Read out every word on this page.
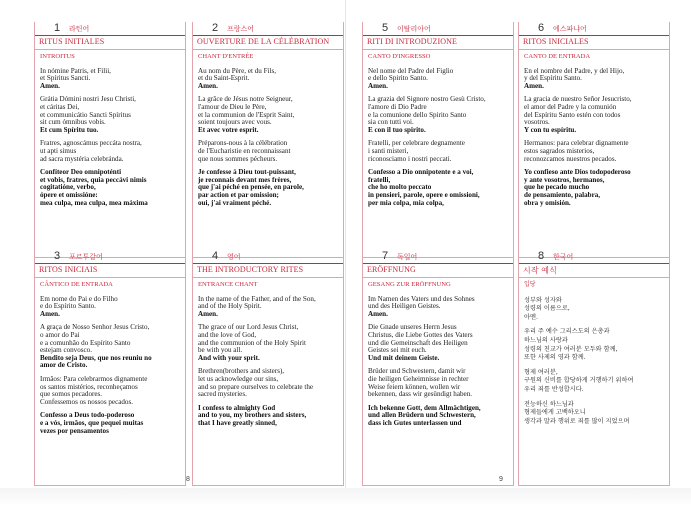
8	9
1 라틴어
RITUS INITIALES
INTROITUS

In nómine Patris, et Filii,
et Spíritus Sancti.
Amen.

Grátia Dómini nostri Jesu Christi,
et cáritas Dei,
et communicátio Sancti Spíritus
sit cum ómnibus vobis.
Et cum Spíritu tuo.

Fratres, agnoscámus peccáta nostra,
ut apti simus
ad sacra mystéria celebránda.

Confíteor Deo omnipoténti
et vobis, fratres, quia peccávi nimis
cogitatióne, verbo,
ópere et omissióne:
mea culpa, mea culpa, mea máxima

2 프랑스어
OUVERTURE DE LA CÉLÉBRATION
CHANT D'ENTRÉE

Au nom du Père, et du Fils,
et du Saint-Esprit.
Amen.

La grâce de Jésus notre Seigneur,
l'amour de Dieu le Père,
et la communion de l'Esprit Saint,
soient toujours avec vous.
Et avec votre esprit.

Préparons-nous à la célébration
de l'Eucharistie en reconnaissant
que nous sommes pécheurs.

Je confesse à Dieu tout-puissant,
je reconnais devant mes frères,
que j'ai péché en pensée, en parole,
par action et par omission;
oui, j'ai vraiment péché.

5 이탈리아어
RITI DI INTRODUZIONE
CANTO D'INGRESSO

Nel nome del Padre del Figlio
e dello Spirito Santo.
Amen.

La grazia del Signore nostro Gesù Cristo,
l'amore di Dio Padre
e la comunione dello Spirito Santo
sia con tutti voi.
E con il tuo spirito.

Fratelli, per celebrare degnamente
i santi misteri,
riconosciamo i nostri peccati.

Confesso a Dio onnipotente e a voi,
fratelli,
che ho molto peccato
in pensieri, parole, opere e omissioni,
per mia colpa, mia colpa,

6 에스파냐어
RITOS INICIALES
CANTO DE ENTRADA

En el nombre del Padre, y del Hijo,
y del Espíritu Santo.
Amen.

La gracia de nuestro Señor Jesucristo,
el amor del Padre y la comunión
del Espíritu Santo estén con todos
vosotros.
Y con tu espíritu.

Hermanos: para celebrar dignamente
estos sagrados misterios,
reconozcamos nuestros pecados.

Yo confieso ante Dios todopoderoso
y ante vosotros, hermanos,
que he pecado mucho
de pensamiento, palabra,
obra y omisión.

3 포르투갈어
RITOS INICIAIS
CÂNTICO DE ENTRADA

Em nome do Pai e do Filho
e do Espírito Santo.
Amen.

A graça de Nosso Senhor Jesus Cristo,
o amor do Pai
e a comunhão do Espírito Santo
estejam convosco.
Bendito seja Deus, que nos reuniu no
amor de Cristo.

Irmãos: Para celebrarmos dignamente
os santos mistérios, reconheçamos
que somos pecadores.
Confessemos os nossos pecados.

Confesso a Deus todo-poderoso
e a vós, irmãos, que pequei muitas
vezes por pensamentos

4 영어
THE INTRODUCTORY RITES
ENTRANCE CHANT

In the name of the Father, and of the Son,
and of the Holy Spirit.
Amen.

The grace of our Lord Jesus Christ,
and the love of God,
and the communion of the Holy Spirit
be with you all.
And with your sprit.

Brethren(brothers and sisters),
let us acknowledge our sins,
and so prepare ourselves to celebrate the
sacred mysteries.

I confess to almighty God
and to you, my brothers and sisters,
that I have greatly sinned,

7 독일어
ERÖFFNUNG
GESANG ZUR ERÖFFNUNG

Im Namen des Vaters und des Sohnes
und des Heiligen Geistes.
Amen.

Die Gnade unseres Herrn Jesus
Christus, die Liebe Gottes des Vaters
und die Gemeinschaft des Heiligen
Geistes sei mit euch.
Und mit deinem Geiste.

Brüder und Schwestern, damit wir
die heiligen Geheimnisse in rechter
Weise feiern können, wollen wir
bekennen, dass wir gesündigt haben.

Ich bekenne Gott, dem Allmächtigen,
und allen Brüdern und Schwestern,
dass ich Gutes unterlassen und

8 한국어
시작 예식
입당

성부와 성자와
성령의 이름으로,
아멘.

우리 주 예수 그리스도의 은총과
하느님의 사랑과
성령의 친교가 여러분 모두와 함께,
또한 사제의 영과 함께.

형제 여러분,
구원의 신비를 합당하게 거행하기 위하여
우리 죄를 반성합시다.

전능하신 하느님과
형제들에게 고백하오니
생각과 말과 행위로 죄를 많이 지었으며
